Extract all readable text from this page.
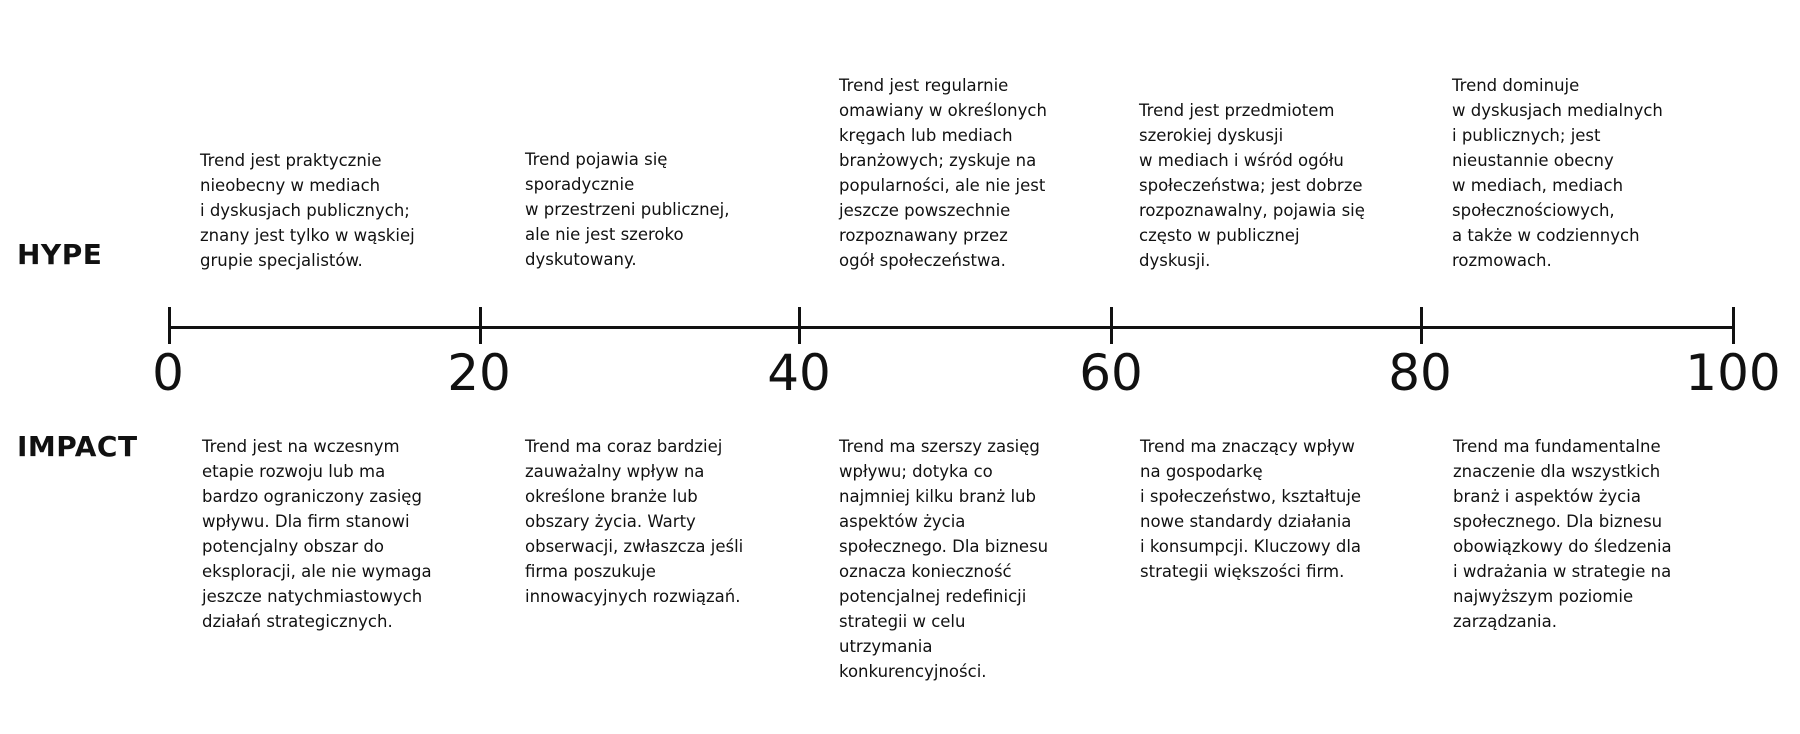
HYPE
IMPACT
0	20	40	60	80	100
Trend jest praktycznie
nieobecny w mediach
i dyskusjach publicznych;
znany jest tylko w wąskiej
grupie specjalistów.
Trend pojawia się
sporadycznie
w przestrzeni publicznej,
ale nie jest szeroko
dyskutowany.
Trend jest regularnie
omawiany w określonych
kręgach lub mediach
branżowych; zyskuje na
popularności, ale nie jest
jeszcze powszechnie
rozpoznawany przez
ogół społeczeństwa.
Trend jest przedmiotem
szerokiej dyskusji
w mediach i wśród ogółu
społeczeństwa; jest dobrze
rozpoznawalny, pojawia się
często w publicznej
dyskusji.
Trend dominuje
w dyskusjach medialnych
i publicznych; jest
nieustannie obecny
w mediach, mediach
społecznościowych,
a także w codziennych
rozmowach.
Trend jest na wczesnym
etapie rozwoju lub ma
bardzo ograniczony zasięg
wpływu. Dla firm stanowi
potencjalny obszar do
eksploracji, ale nie wymaga
jeszcze natychmiastowych
działań strategicznych.
Trend ma coraz bardziej
zauważalny wpływ na
określone branże lub
obszary życia. Warty
obserwacji, zwłaszcza jeśli
firma poszukuje
innowacyjnych rozwiązań.
Trend ma szerszy zasięg
wpływu; dotyka co
najmniej kilku branż lub
aspektów życia
społecznego. Dla biznesu
oznacza konieczność
potencjalnej redefinicji
strategii w celu
utrzymania
konkurencyjności.
Trend ma znaczący wpływ
na gospodarkę
i społeczeństwo, kształtuje
nowe standardy działania
i konsumpcji. Kluczowy dla
strategii większości firm.
Trend ma fundamentalne
znaczenie dla wszystkich
branż i aspektów życia
społecznego. Dla biznesu
obowiązkowy do śledzenia
i wdrażania w strategie na
najwyższym poziomie
zarządzania.
